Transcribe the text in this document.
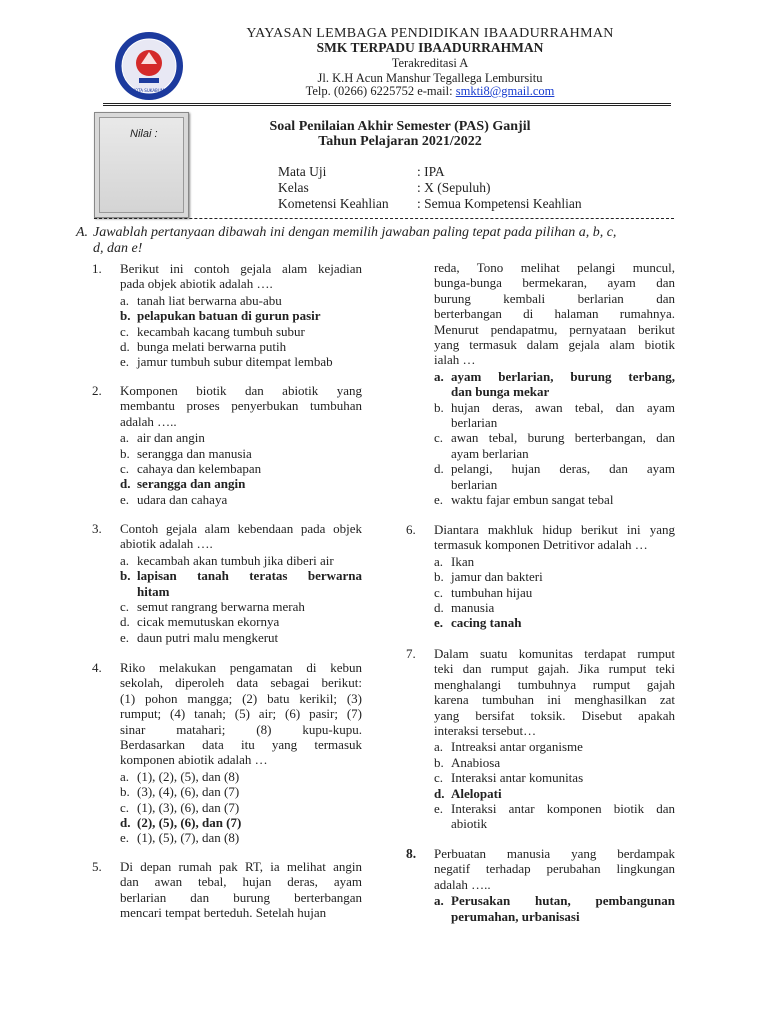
KOTA SUKABUMI
YAYASAN LEMBAGA PENDIDIKAN IBAADURRAHMAN
SMK TERPADU IBAADURRAHMAN
Terakreditasi A
Jl. K.H Acun Manshur Tegallega Lembursitu
Telp. (0266) 6225752 e-mail: smkti8@gmail.com
Nilai :	Soal Penilaian Akhir Semester (PAS) Ganjil
Tahun Pelajaran 2021/2022
Mata Uji	: IPA
Kelas	: X (Sepuluh)
Kometensi Keahlian : Semua Kompetensi Keahlian
A. Jawablah pertanyaan dibawah ini dengan memilih jawaban paling tepat pada pilihan a, b, c,
d, dan e!
1. Berikut ini contoh gejala alam kejadian
pada objek abiotik adalah ….
a. tanah liat berwarna abu-abu
b. pelapukan batuan di gurun pasir
c. kecambah kacang tumbuh subur
d. bunga melati berwarna putih
e. jamur tumbuh subur ditempat lembab
2. Komponen biotik dan abiotik yang
membantu proses penyerbukan tumbuhan
adalah …..
a. air dan angin
b. serangga dan manusia
c. cahaya dan kelembapan
d. serangga dan angin
e. udara dan cahaya
3. Contoh gejala alam kebendaan pada objek
abiotik adalah ….
a. kecambah akan tumbuh jika diberi air
b. lapisan tanah teratas berwarna
hitam
c. semut rangrang berwarna merah
d. cicak memutuskan ekornya
e. daun putri malu mengkerut
4. Riko melakukan pengamatan di kebun
sekolah, diperoleh data sebagai berikut:
(1) pohon mangga; (2) batu kerikil; (3)
rumput; (4) tanah; (5) air; (6) pasir; (7)
sinar matahari; (8) kupu-kupu.
Berdasarkan data itu yang termasuk
komponen abiotik adalah …
a. (1), (2), (5), dan (8)
b. (3), (4), (6), dan (7)
c. (1), (3), (6), dan (7)
d. (2), (5), (6), dan (7)
e. (1), (5), (7), dan (8)
5. Di depan rumah pak RT, ia melihat angin
dan awan tebal, hujan deras, ayam
berlarian dan burung berterbangan
mencari tempat berteduh. Setelah hujan
reda, Tono melihat pelangi muncul,
bunga-bunga bermekaran, ayam dan
burung kembali berlarian dan
berterbangan di halaman rumahnya.
Menurut pendapatmu, pernyataan berikut
yang termasuk dalam gejala alam biotik
ialah …
a. ayam berlarian, burung terbang,
dan bunga mekar
b. hujan deras, awan tebal, dan ayam
berlarian
c. awan tebal, burung berterbangan, dan
ayam berlarian
d. pelangi, hujan deras, dan ayam
berlarian
e. waktu fajar embun sangat tebal
6. Diantara makhluk hidup berikut ini yang
termasuk komponen Detritivor adalah …
a. Ikan
b. jamur dan bakteri
c. tumbuhan hijau
d. manusia
e. cacing tanah
7. Dalam suatu komunitas terdapat rumput
teki dan rumput gajah. Jika rumput teki
menghalangi tumbuhnya rumput gajah
karena tumbuhan ini menghasilkan zat
yang bersifat toksik. Disebut apakah
interaksi tersebut…
a. Intreaksi antar organisme
b. Anabiosa
c. Interaksi antar komunitas
d. Alelopati
e. Interaksi antar komponen biotik dan
abiotik
8. Perbuatan manusia yang berdampak
negatif terhadap perubahan lingkungan
adalah …..
a. Perusakan hutan, pembangunan
perumahan, urbanisasi
